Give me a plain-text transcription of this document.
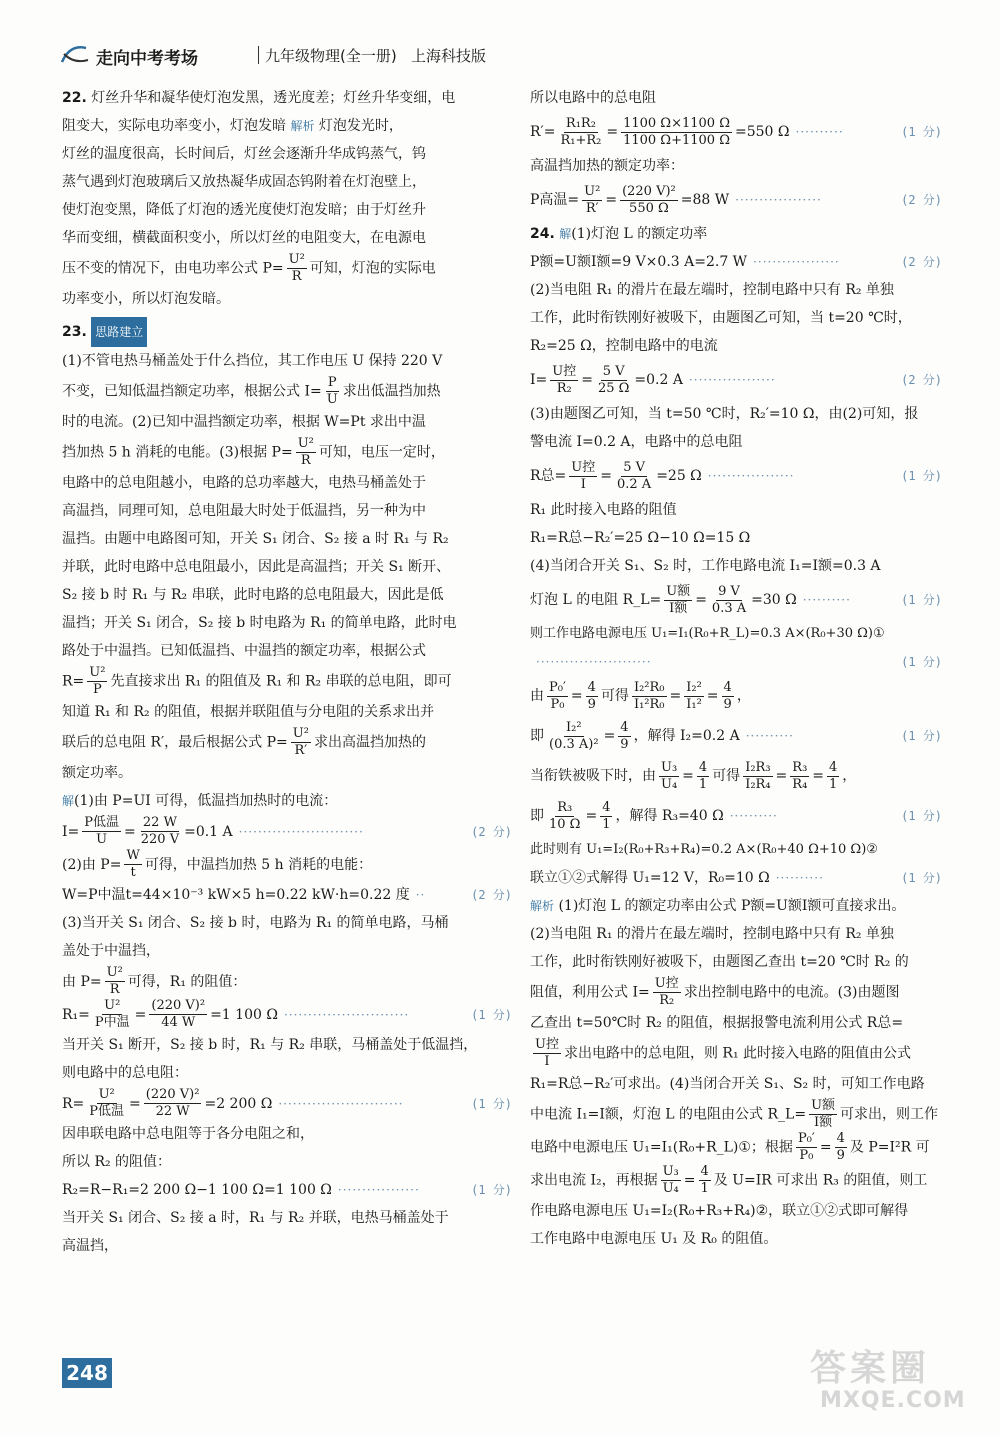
走向中考考场	九年级物理(全一册) 上海科技版

22. 灯丝升华和凝华使灯泡发黑，透光度差；灯丝升华变细，电
阻变大，实际电功率变小，灯泡发暗 解析 灯泡发光时，
灯丝的温度很高，长时间后，灯丝会逐渐升华成钨蒸气，钨
蒸气遇到灯泡玻璃后又放热凝华成固态钨附着在灯泡壁上，
使灯泡变黑，降低了灯泡的透光度使灯泡发暗；由于灯丝升
华而变细，横截面积变小，所以灯丝的电阻变大，在电源电
压不变的情况下，由电功率公式 $P= \frac{\text{U²}}{R}$ 可知，灯泡的实际电
功率变小，所以灯泡发暗。

23. 思路建立
(1)不管电热马桶盖处于什么挡位，其工作电压 U 保持 220 V
不变，已知低温挡额定功率，根据公式 $I= \frac{P}{U}$ 求出低温挡加热
时的电流。(2)已知中温挡额定功率，根据 W=Pt 求出中温
挡加热 5 h 消耗的电能。(3)根据 $P= \frac{\text{U²}}{R}$ 可知，电压一定时，
电路中的总电阻越小，电路的总功率越大，电热马桶盖处于
高温挡，同理可知，总电阻最大时处于低温挡，另一种为中
温挡。由题中电路图可知，开关 S₁ 闭合、S₂ 接 a 时 R₁ 与 R₂
并联，此时电路中总电阻最小，因此是高温挡；开关 S₁ 断开、
S₂ 接 b 时 R₁ 与 R₂ 串联，此时电路的总电阻最大，因此是低
温挡；开关 S₁ 闭合，S₂ 接 b 时电路为 R₁ 的简单电路，此时电
路处于中温挡。已知低温挡、中温挡的额定功率，根据公式
$R= \frac{\text{U²}}{P}$ 先直接求出 R₁ 的阻值及 R₁ 和 R₂ 串联的总电阻，即可
知道 R₁ 和 R₂ 的阻值，根据并联阻值与分电阻的关系求出并
联后的总电阻 R′，最后根据公式 $P= \frac{\text{U²}}{R'}$ 求出高温挡加热的
额定功率。

解 (1)由 P=UI 可得，低温挡加热时的电流：
$I= \frac{\text{P低温}}{U} = \frac{22 W}{220 V} =0.1$ A ··························	(2 分)
(2)由 $P= \frac{W}{t}$ 可得，中温挡加热 5 h 消耗的电能：
W=P中温t=44×10⁻³ kW×5 h=0.22 kW·h=0.22 度 ··	(2 分)
(3)当开关 S₁ 闭合、S₂ 接 b 时，电路为 R₁ 的简单电路，马桶
盖处于中温挡，
由 $P= \frac{\text{U²}}{R}$ 可得，R₁ 的阻值：
$R_1= \frac{\text{U²}}{\text{P中温}} = \frac{\text{(220 V)²}}{44 W} =1$ 100 Ω ··························	(1 分)
当开关 S₁ 断开，S₂ 接 b 时，R₁ 与 R₂ 串联，马桶盖处于低温挡，
则电路中的总电阻：
$R= \frac{\text{U²}}{\text{P低温}} = \frac{\text{(220 V)²}}{22 W} =2$ 200 Ω ··························	(1 分)
因串联电路中总电阻等于各分电阻之和，
所以 R₂ 的阻值：
R₂=R−R₁=2 200 Ω−1 100 Ω=1 100 Ω ·················	(1 分)
当开关 S₁ 闭合、S₂ 接 a 时，R₁ 与 R₂ 并联，电热马桶盖处于
高温挡，
所以电路中的总电阻
$R'= \frac{\text{R₁R₂}}{\text{R₁+R₂}} = \frac{1100 \Omega\times 1100 \Omega}{1100 \Omega+1100 \Omega} =550$ Ω ··········	(1 分)
高温挡加热的额定功率：
P高温= $\frac{\text{U²}}{R'} = \frac{\text{(220 V)²}}{550 \Omega} =88$ W ··················	(2 分)
24.
解 (1)灯泡 L 的额定功率
P额=U额I额=9 V×0.3 A=2.7 W ··················	(2 分)
(2)当电阻 R₁ 的滑片在最左端时，控制电路中只有 R₂ 单独
工作，此时衔铁刚好被吸下，由题图乙可知，当 t=20 ℃时，
R₂=25 Ω，控制电路中的电流
$I= \frac{\text{U控}}{\text{R₂}} = \frac{5 V}{25 \Omega} =0.2$ A ··················	(2 分)
(3)由题图乙可知，当 t=50 ℃时，R₂′=10 Ω，由(2)可知，报
警电流 I=0.2 A，电路中的总电阻
R总= $\frac{\text{U控}}{I} = \frac{5 V}{0.2 A} =25$ Ω ··················	(1 分)
R₁ 此时接入电路的阻值
R₁=R总−R₂′=25 Ω−10 Ω=15 Ω
(4)当闭合开关 S₁、S₂ 时，工作电路电流 I₁=I额=0.3 A
灯泡 L 的电阻 R_L= $\frac{\text{U额}}{\text{I额}} = \frac{9 V}{0.3 A} =30$ Ω ··········	(1 分)
则工作电路电源电压 U₁=I₁(R₀+R_L)=0.3 A×(R₀+30 Ω)①
························	(1 分)
由 $\frac{\text{P₀′}}{\text{P₀}} = \frac{4}{9}$ 可得 $\frac{\text{I₂²R₀}}{\text{I₁²R₀}} = \frac{\text{I₂²}}{\text{I₁²}} = \frac{4}{9}$ ，
即 $\frac{\text{I₂²}}{\text{(0.3 A)²}} = \frac{4}{9}$ ，解得 I₂=0.2 A ··········	(1 分)
当衔铁被吸下时，由 $\frac{\text{U₃}}{\text{U₄}} = \frac{4}{1}$ 可得 $\frac{\text{I₂R₃}}{\text{I₂R₄}} = \frac{\text{R₃}}{\text{R₄}} = \frac{4}{1}$ ，
即 $\frac{\text{R₃}}{10 \Omega} = \frac{4}{1}$ ，解得 R₃=40 Ω ··········	(1 分)
此时则有 U₁=I₂(R₀+R₃+R₄)=0.2 A×(R₀+40 Ω+10 Ω)②
联立①②式解得 U₁=12 V，R₀=10 Ω ··········	(1 分)

解析 (1)灯泡 L 的额定功率由公式 P额=U额I额可直接求出。
(2)当电阻 R₁ 的滑片在最左端时，控制电路中只有 R₂ 单独
工作，此时衔铁刚好被吸下，由题图乙查出 t=20 ℃时 R₂ 的
阻值，利用公式 $I= \frac{\text{U控}}{\text{R₂}}$ 求出控制电路中的电流。(3)由题图
乙查出 t=50℃时 R₂ 的阻值，根据报警电流利用公式 R总=

$\frac{\text{U控}}{I}$ 求出电路中的总电阻，则 R₁ 此时接入电路的阻值由公式
R₁=R总−R₂′可求出。(4)当闭合开关 S₁、S₂ 时，可知工作电路
中电流 I₁=I额，灯泡 L 的电阻由公式 R_L= $\frac{\text{U额}}{\text{I额}}$ 可求出，则工作
电路中电源电压 U₁=I₁(R₀+R_L)①；根据 $\frac{\text{P₀′}}{\text{P₀}} = \frac{4}{9}$ 及 P=I²R 可
求出电流 I₂，再根据 $\frac{\text{U₃}}{\text{U₄}} = \frac{4}{1}$ 及 U=IR 可求出 R₃ 的阻值，则工
作电路电源电压 U₁=I₂(R₀+R₃+R₄)②，联立①②式即可解得
工作电路中电源电压 U₁ 及 R₀ 的阻值。

248	答案圈
MXQE.COM
